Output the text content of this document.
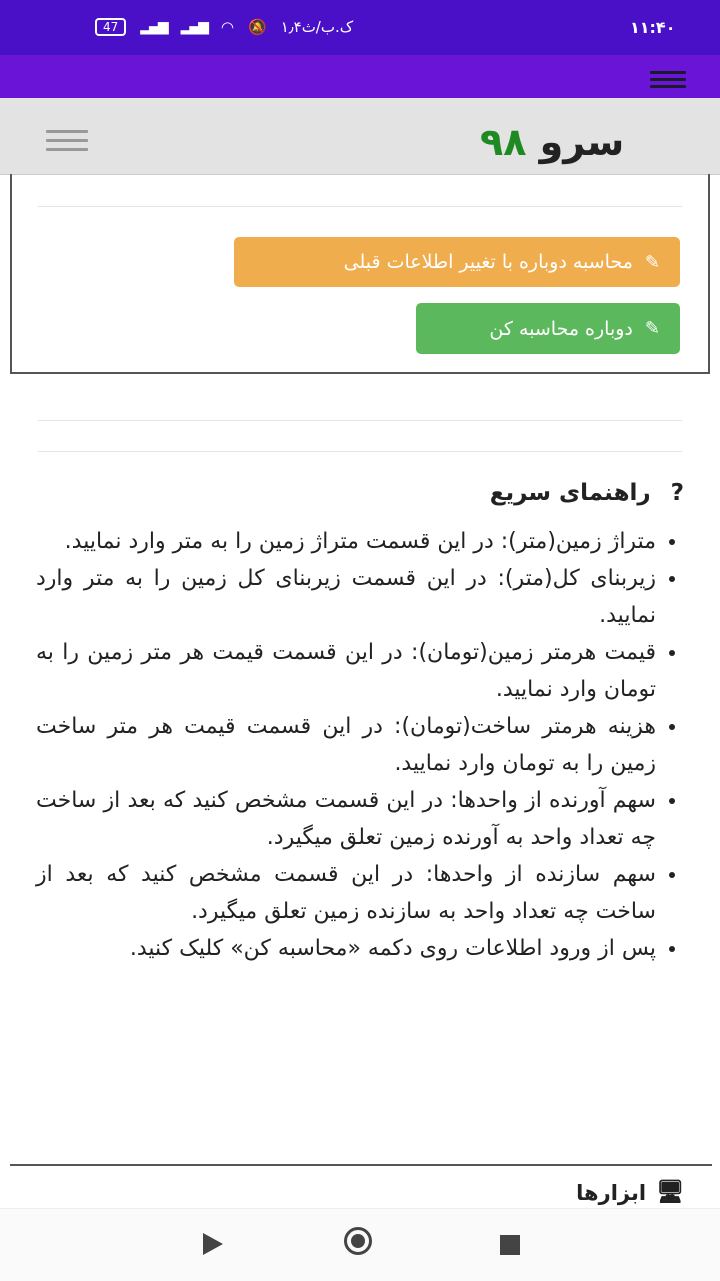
47	▂▄▆ ▂▄▆ ◠ 🔕 ۱٫۴ک.ب/ث	۱۱:۴۰
سرو ۹۸
✎
محاسبه دوباره با تغییر اطلاعات قبلی
✎
دوباره محاسبه کن
?
راهنمای سریع
• متراژ زمین(متر): در این قسمت متراژ زمین را به متر وارد نمایید.
• زیربنای کل(متر): در این قسمت زیربنای کل زمین را به متر وارد نمایید.
• قیمت هرمتر زمین(تومان): در این قسمت قیمت هر متر زمین را به تومان وارد نمایید.
• هزینه هرمتر ساخت(تومان): در این قسمت قیمت هر متر ساخت زمین را به تومان وارد نمایید.
• سهم آورنده از واحدها: در این قسمت مشخص کنید که بعد از ساخت چه تعداد واحد به آورنده زمین تعلق میگیرد.
• سهم سازنده از واحدها: در این قسمت مشخص کنید که بعد از ساخت چه تعداد واحد به سازنده زمین تعلق میگیرد.
• پس از ورود اطلاعات روی دکمه «محاسبه کن» کلیک کنید.
🖥
ابزارها
